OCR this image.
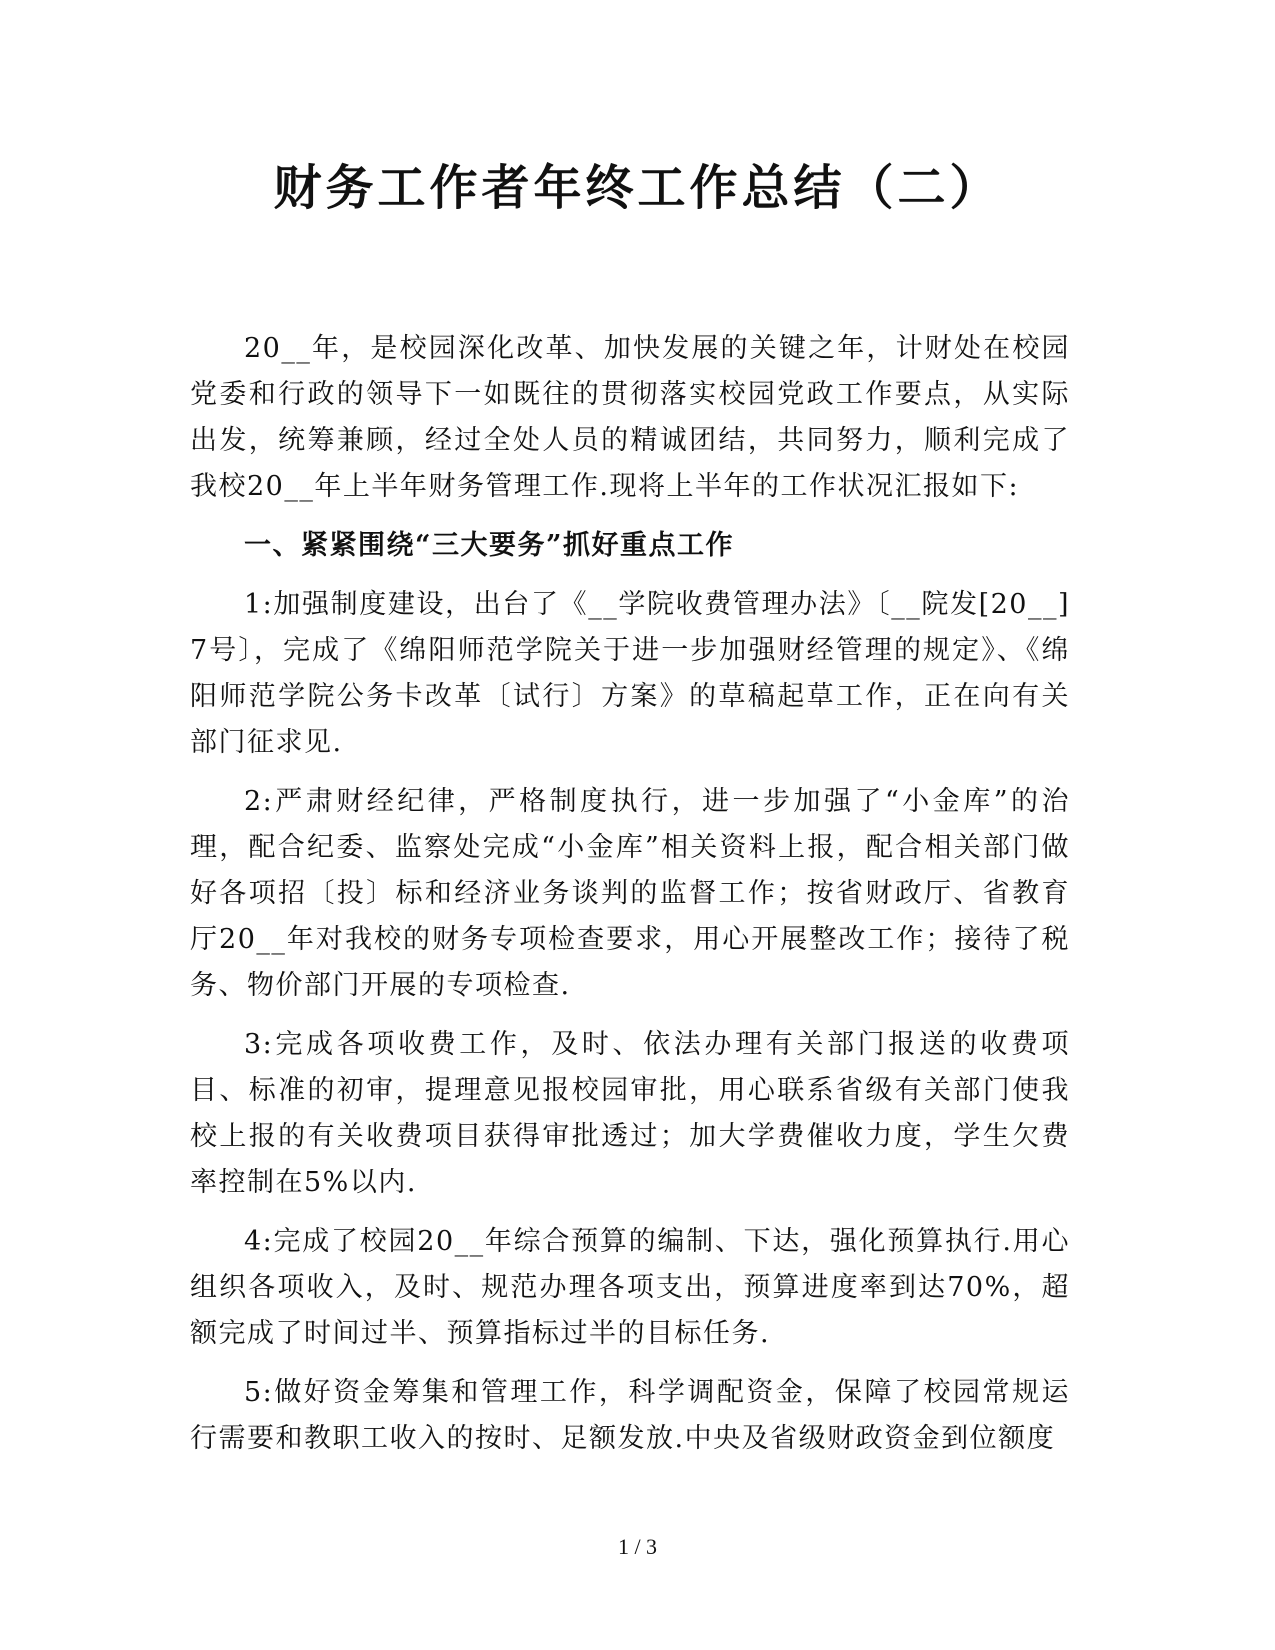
财务工作者年终工作总结（二）

20__年，是校园深化改革、加快发展的关键之年，计财处在校园党委和行政的领导下一如既往的贯彻落实校园党政工作要点，从实际出发，统筹兼顾，经过全处人员的精诚团结，共同努力，顺利完成了我校20__年上半年财务管理工作.现将上半年的工作状况汇报如下:

一、紧紧围绕“三大要务”抓好重点工作

1:加强制度建设，出台了《__学院收费管理办法》〔__院发[20__]7号〕，完成了《绵阳师范学院关于进一步加强财经管理的规定》、《绵阳师范学院公务卡改革〔试行〕方案》的草稿起草工作，正在向有关部门征求见.

2:严肃财经纪律，严格制度执行，进一步加强了“小金库”的治理，配合纪委、监察处完成“小金库”相关资料上报，配合相关部门做好各项招〔投〕标和经济业务谈判的监督工作；按省财政厅、省教育厅20__年对我校的财务专项检查要求，用心开展整改工作；接待了税务、物价部门开展的专项检查.

3:完成各项收费工作，及时、依法办理有关部门报送的收费项目、标准的初审，提理意见报校园审批，用心联系省级有关部门使我校上报的有关收费项目获得审批透过；加大学费催收力度，学生欠费率控制在5%以内.

4:完成了校园20__年综合预算的编制、下达，强化预算执行.用心组织各项收入，及时、规范办理各项支出，预算进度率到达70%，超额完成了时间过半、预算指标过半的目标任务.

5:做好资金筹集和管理工作，科学调配资金，保障了校园常规运行需要和教职工收入的按时、足额发放.中央及省级财政资金到位额度

1 / 3
